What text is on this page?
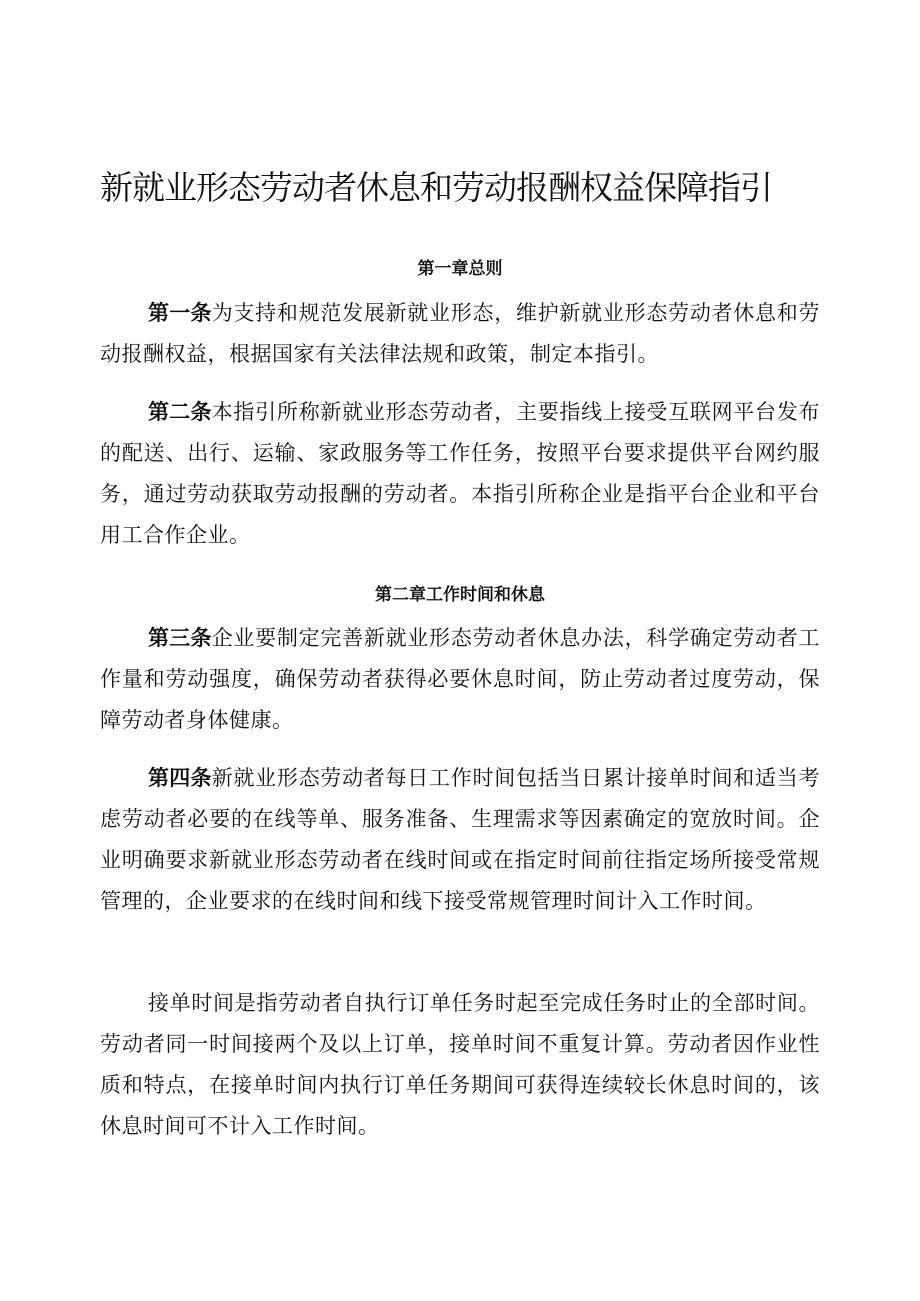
新就业形态劳动者休息和劳动报酬权益保障指引
第一章总则

第一条为支持和规范发展新就业形态，维护新就业形态劳动者休息和劳动报酬权益，根据国家有关法律法规和政策，制定本指引。

第二条本指引所称新就业形态劳动者，主要指线上接受互联网平台发布的配送、出行、运输、家政服务等工作任务，按照平台要求提供平台网约服务，通过劳动获取劳动报酬的劳动者。本指引所称企业是指平台企业和平台用工合作企业。

第二章工作时间和休息

第三条企业要制定完善新就业形态劳动者休息办法，科学确定劳动者工作量和劳动强度，确保劳动者获得必要休息时间，防止劳动者过度劳动，保障劳动者身体健康。

第四条新就业形态劳动者每日工作时间包括当日累计接单时间和适当考虑劳动者必要的在线等单、服务准备、生理需求等因素确定的宽放时间。企业明确要求新就业形态劳动者在线时间或在指定时间前往指定场所接受常规管理的，企业要求的在线时间和线下接受常规管理时间计入工作时间。

接单时间是指劳动者自执行订单任务时起至完成任务时止的全部时间。劳动者同一时间接两个及以上订单，接单时间不重复计算。劳动者因作业性质和特点，在接单时间内执行订单任务期间可获得连续较长休息时间的，该休息时间可不计入工作时间。
